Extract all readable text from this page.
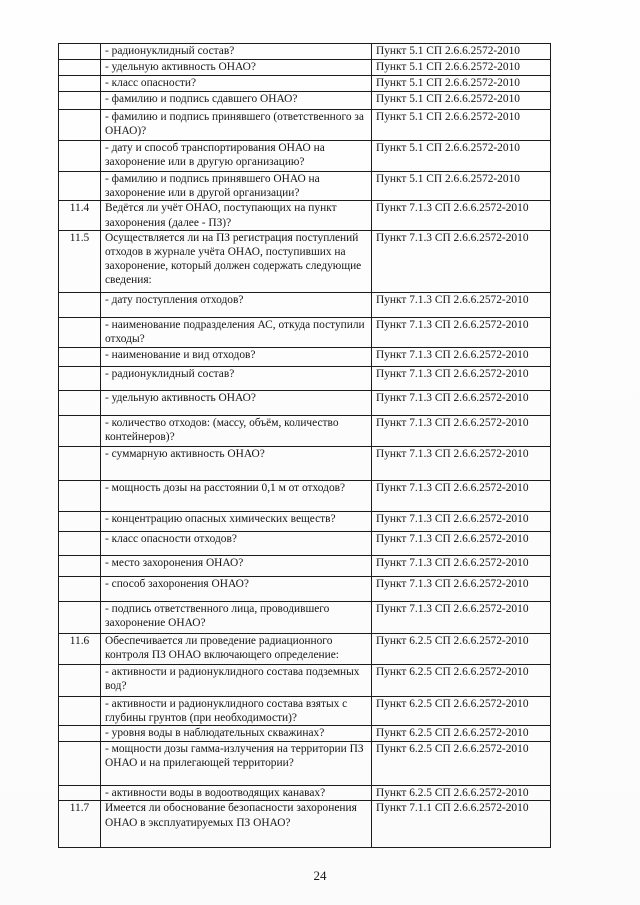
	- радионуклидный состав?	Пункт 5.1 СП 2.6.6.2572-2010
	- удельную активность ОНАО?	Пункт 5.1 СП 2.6.6.2572-2010
	- класс опасности?	Пункт 5.1 СП 2.6.6.2572-2010
	- фамилию и подпись сдавшего ОНАО?	Пункт 5.1 СП 2.6.6.2572-2010
	- фамилию и подпись принявшего (ответственного за ОНАО)?	Пункт 5.1 СП 2.6.6.2572-2010
	- дату и способ транспортирования ОНАО на захоронение или в другую организацию?	Пункт 5.1 СП 2.6.6.2572-2010
	- фамилию и подпись принявшего ОНАО на захоронение или в другой организации?	Пункт 5.1 СП 2.6.6.2572-2010
11.4	Ведётся ли учёт ОНАО, поступающих на пункт захоронения (далее - ПЗ)?	Пункт 7.1.3 СП 2.6.6.2572-2010
11.5	Осуществляется ли на ПЗ регистрация поступлений отходов в журнале учёта ОНАО, поступивших на захоронение, который должен содержать следующие сведения:	Пункт 7.1.3 СП 2.6.6.2572-2010
	- дату поступления отходов?	Пункт 7.1.3 СП 2.6.6.2572-2010
	- наименование подразделения АС, откуда поступили отходы?	Пункт 7.1.3 СП 2.6.6.2572-2010
	- наименование и вид отходов?	Пункт 7.1.3 СП 2.6.6.2572-2010
	- радионуклидный состав?	Пункт 7.1.3 СП 2.6.6.2572-2010
	- удельную активность ОНАО?	Пункт 7.1.3 СП 2.6.6.2572-2010
	- количество отходов: (массу, объём, количество контейнеров)?	Пункт 7.1.3 СП 2.6.6.2572-2010
	- суммарную активность ОНАО?	Пункт 7.1.3 СП 2.6.6.2572-2010
	- мощность дозы на расстоянии 0,1 м от отходов?	Пункт 7.1.3 СП 2.6.6.2572-2010
	- концентрацию опасных химических веществ?	Пункт 7.1.3 СП 2.6.6.2572-2010
	- класс опасности отходов?	Пункт 7.1.3 СП 2.6.6.2572-2010
	- место захоронения ОНАО?	Пункт 7.1.3 СП 2.6.6.2572-2010
	- способ захоронения ОНАО?	Пункт 7.1.3 СП 2.6.6.2572-2010
	- подпись ответственного лица, проводившего захоронение ОНАО?	Пункт 7.1.3 СП 2.6.6.2572-2010
11.6	Обеспечивается ли проведение радиационного контроля ПЗ ОНАО включающего определение:	Пункт 6.2.5 СП 2.6.6.2572-2010
	- активности и радионуклидного состава подземных вод?	Пункт 6.2.5 СП 2.6.6.2572-2010
	- активности и радионуклидного состава взятых с глубины грунтов (при необходимости)?	Пункт 6.2.5 СП 2.6.6.2572-2010
	- уровня воды в наблюдательных скважинах?	Пункт 6.2.5 СП 2.6.6.2572-2010
	- мощности дозы гамма-излучения на территории ПЗ ОНАО и на прилегающей территории?	Пункт 6.2.5 СП 2.6.6.2572-2010
	- активности воды в водоотводящих канавах?	Пункт 6.2.5 СП 2.6.6.2572-2010
11.7	Имеется ли обоснование безопасности захоронения ОНАО в эксплуатируемых ПЗ ОНАО?	Пункт 7.1.1 СП 2.6.6.2572-2010
24
